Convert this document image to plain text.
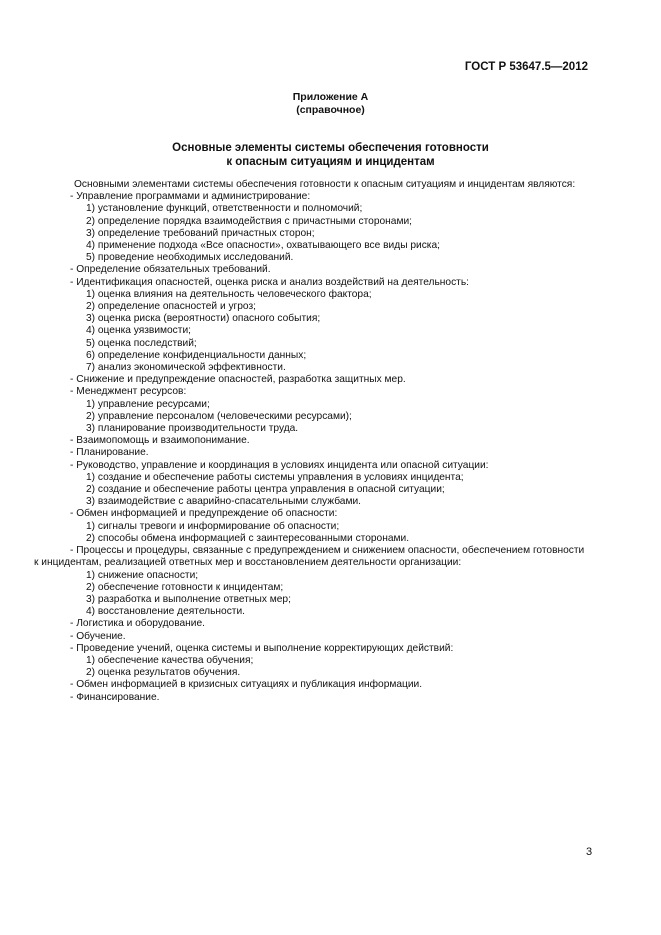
ГОСТ Р 53647.5—2012
Приложение А
(справочное)
Основные элементы системы обеспечения готовности
к опасным ситуациям и инцидентам
Основными элементами системы обеспечения готовности к опасным ситуациям и инцидентам являются:
- Управление программами и администрирование:
1) установление функций, ответственности и полномочий;
2) определение порядка взаимодействия с причастными сторонами;
3) определение требований причастных сторон;
4) применение подхода «Все опасности», охватывающего все виды риска;
5) проведение необходимых исследований.
- Определение обязательных требований.
- Идентификация опасностей, оценка риска и анализ воздействий на деятельность:
1) оценка влияния на деятельность человеческого фактора;
2) определение опасностей и угроз;
3) оценка риска (вероятности) опасного события;
4) оценка уязвимости;
5) оценка последствий;
6) определение конфиденциальности данных;
7) анализ экономической эффективности.
- Снижение и предупреждение опасностей, разработка защитных мер.
- Менеджмент ресурсов:
1) управление ресурсами;
2) управление персоналом (человеческими ресурсами);
3) планирование производительности труда.
- Взаимопомощь и взаимопонимание.
- Планирование.
- Руководство, управление и координация в условиях инцидента или опасной ситуации:
1) создание и обеспечение работы системы управления в условиях инцидента;
2) создание и обеспечение работы центра управления в опасной ситуации;
3) взаимодействие с аварийно-спасательными службами.
- Обмен информацией и предупреждение об опасности:
1) сигналы тревоги и информирование об опасности;
2) способы обмена информацией с заинтересованными сторонами.
- Процессы и процедуры, связанные с предупреждением и снижением опасности, обеспечением готовности
к инцидентам, реализацией ответных мер и восстановлением деятельности организации:
1) снижение опасности;
2) обеспечение готовности к инцидентам;
3) разработка и выполнение ответных мер;
4) восстановление деятельности.
- Логистика и оборудование.
- Обучение.
- Проведение учений, оценка системы и выполнение корректирующих действий:
1) обеспечение качества обучения;
2) оценка результатов обучения.
- Обмен информацией в кризисных ситуациях и публикация информации.
- Финансирование.
3
